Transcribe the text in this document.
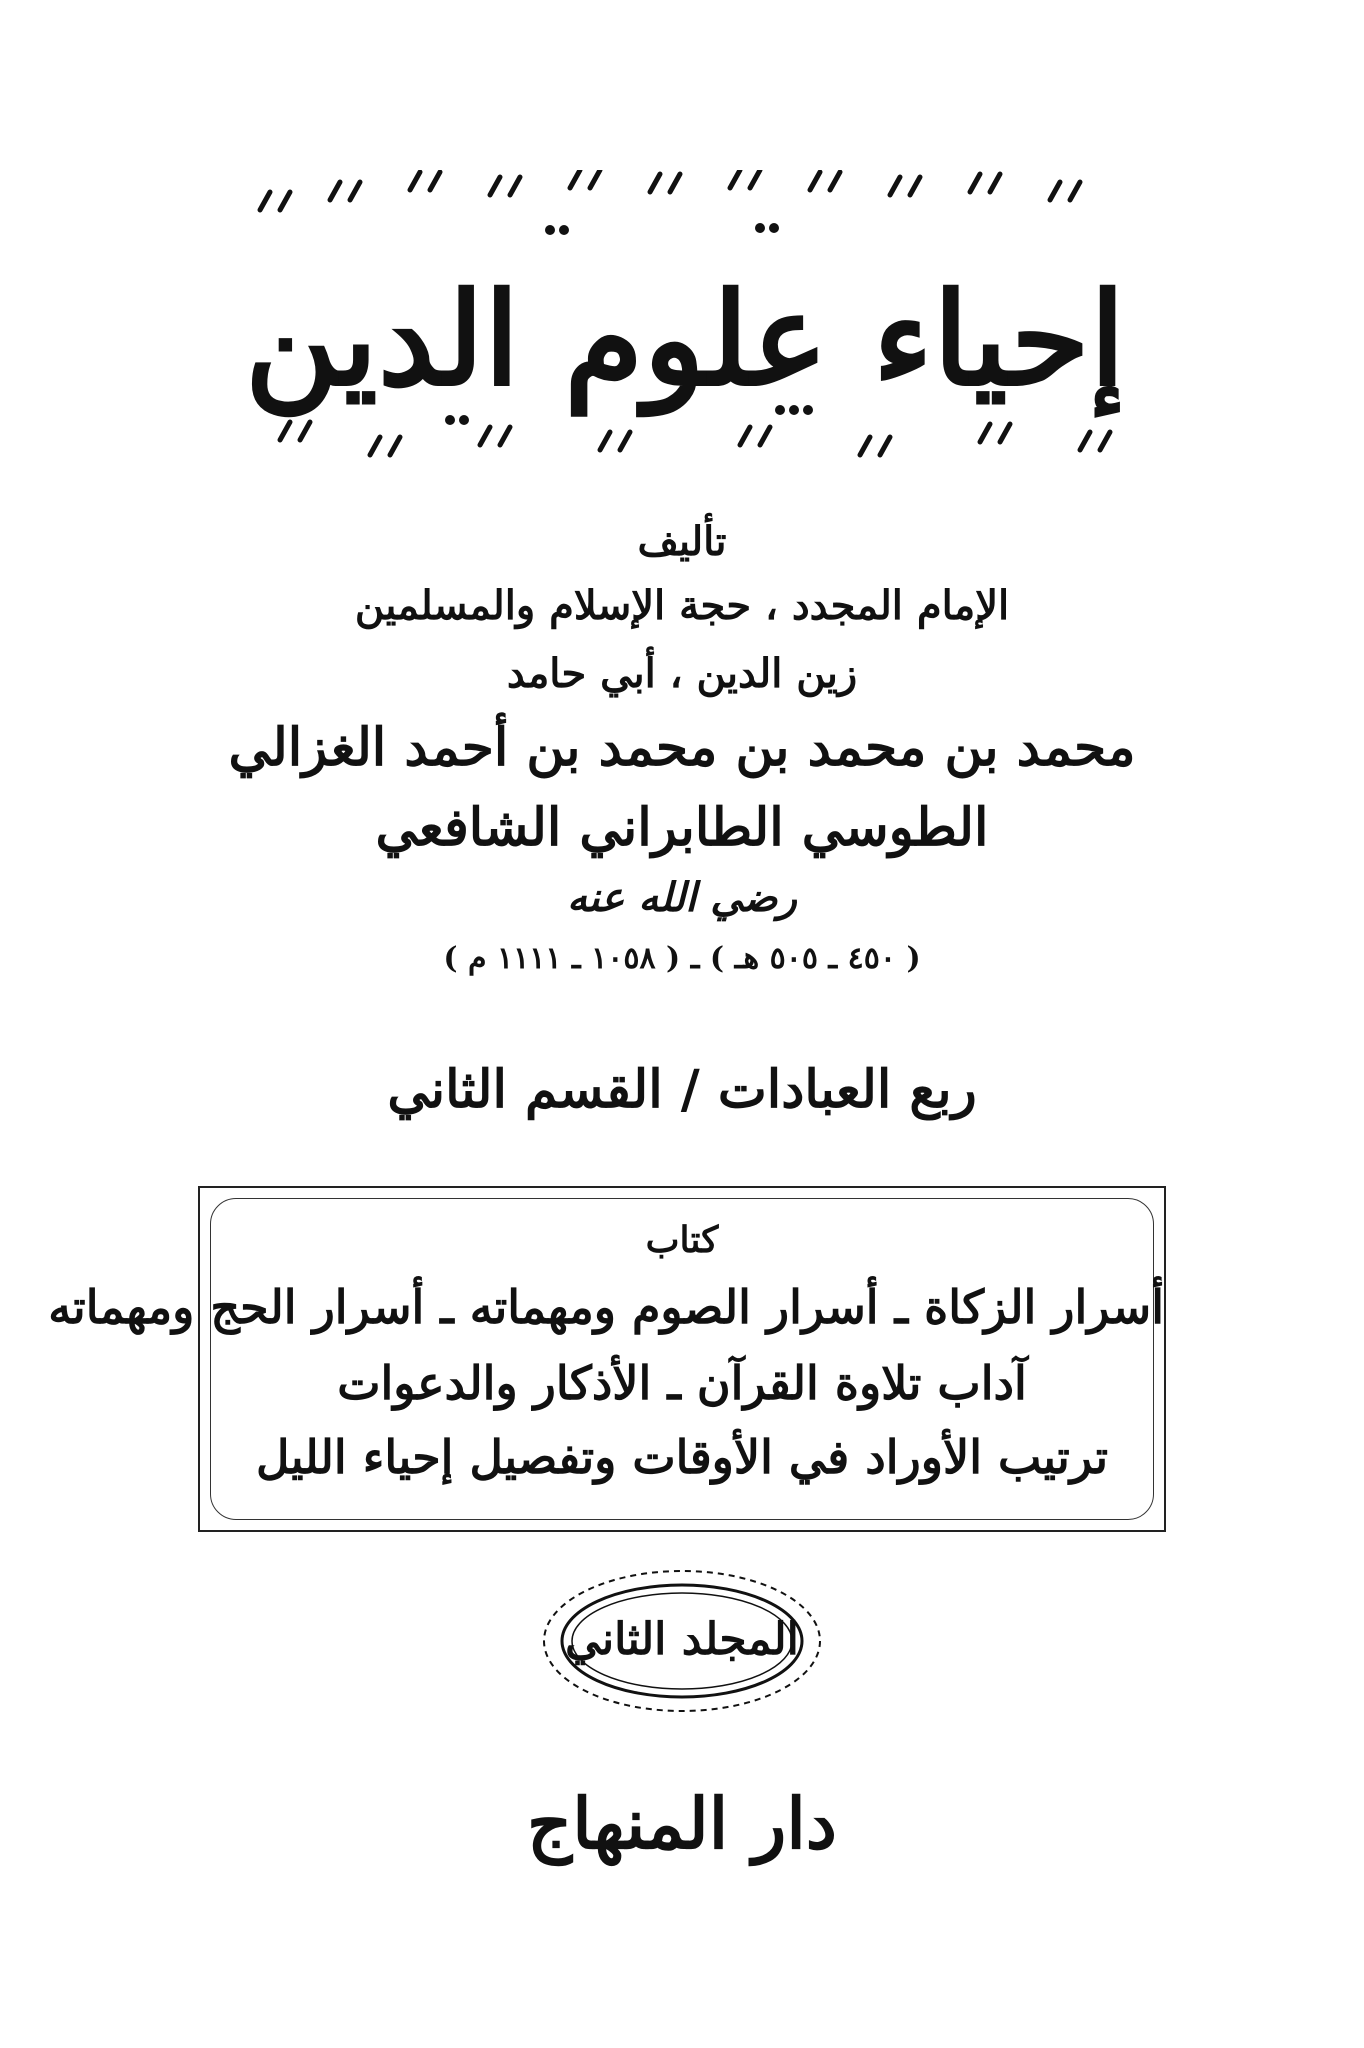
إحياء علوم الدين
تأليف
الإمام المجدد ، حجة الإسلام والمسلمين
زين الدين ، أبي حامد
محمد بن محمد بن محمد بن أحمد الغزالي
الطوسي الطابراني الشافعي
رضي الله عنه
( ٤٥٠ ـ ٥٠٥ هـ ) ـ ( ١٠٥٨ ـ ١١١١ م )
ربع العبادات / القسم الثاني
كتاب
أسرار الزكاة ـ أسرار الصوم ومهماته ـ أسرار الحج ومهماته
آداب تلاوة القرآن ـ الأذكار والدعوات
ترتيب الأوراد في الأوقات وتفصيل إحياء الليل
المجلد الثاني
دار المنهاج
